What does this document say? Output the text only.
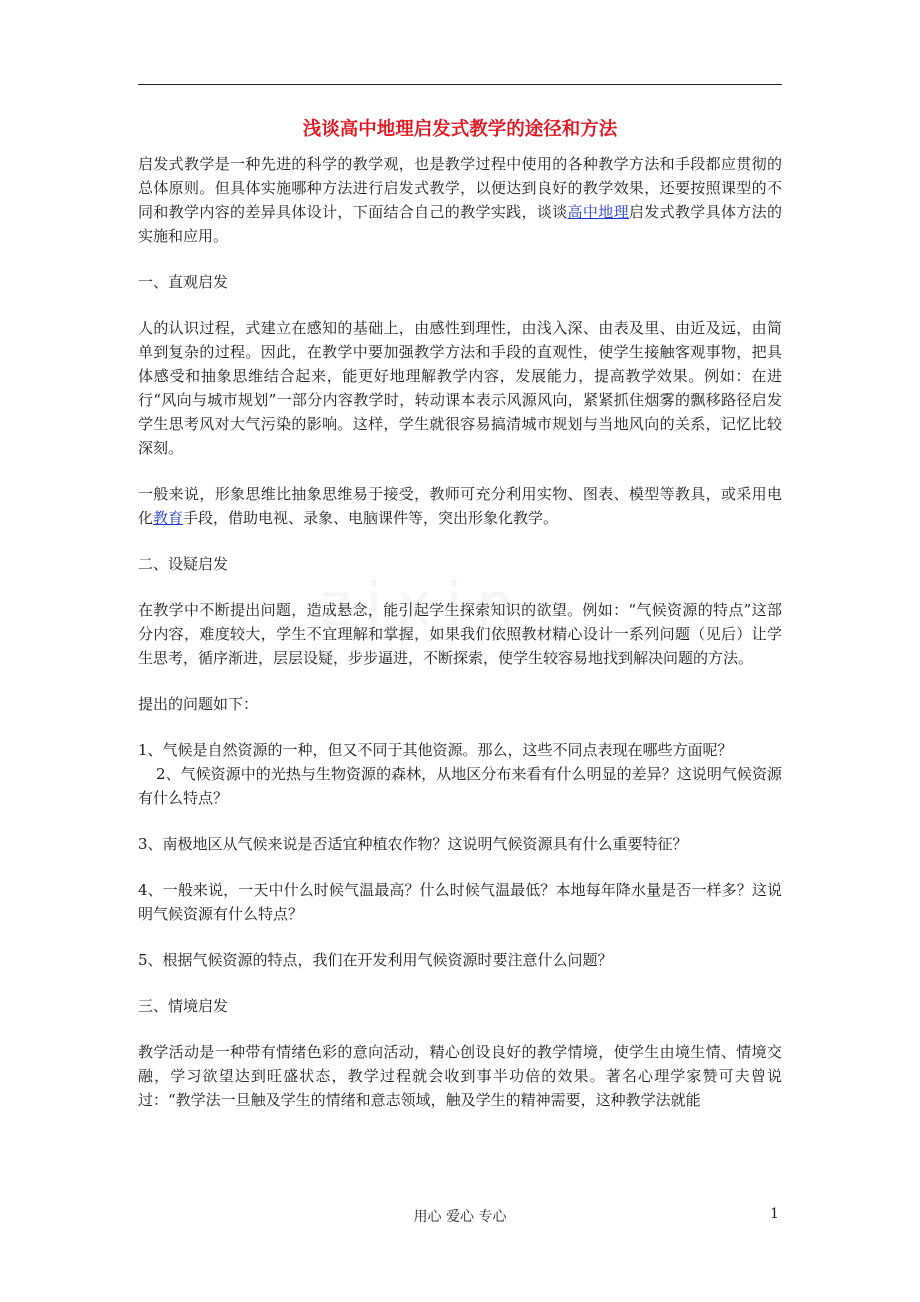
浅谈高中地理启发式教学的途径和方法

启发式教学是一种先进的科学的教学观，也是教学过程中使用的各种教学方法和手段都应贯彻的总体原则。但具体实施哪种方法进行启发式教学，以便达到良好的教学效果，还要按照课型的不同和教学内容的差异具体设计，下面结合自己的教学实践，谈谈高中地理启发式教学具体方法的实施和应用。

一、直观启发

人的认识过程，式建立在感知的基础上，由感性到理性，由浅入深、由表及里、由近及远，由简单到复杂的过程。因此，在教学中要加强教学方法和手段的直观性，使学生接触客观事物，把具体感受和抽象思维结合起来，能更好地理解教学内容，发展能力，提高教学效果。例如：在进行“风向与城市规划”一部分内容教学时，转动课本表示风源风向，紧紧抓住烟雾的飘移路径启发学生思考风对大气污染的影响。这样，学生就很容易搞清城市规划与当地风向的关系，记忆比较深刻。

一般来说，形象思维比抽象思维易于接受，教师可充分利用实物、图表、模型等教具，或采用电化教育手段，借助电视、录象、电脑课件等，突出形象化教学。

二、设疑启发

在教学中不断提出问题，造成悬念，能引起学生探索知识的欲望。例如：“气候资源的特点”这部分内容，难度较大，学生不宜理解和掌握，如果我们依照教材精心设计一系列问题（见后）让学生思考，循序渐进，层层设疑，步步逼进，不断探索，使学生较容易地找到解决问题的方法。

提出的问题如下：

1、气候是自然资源的一种，但又不同于其他资源。那么，这些不同点表现在哪些方面呢？

2、气候资源中的光热与生物资源的森林，从地区分布来看有什么明显的差异？这说明气候资源有什么特点？

3、南极地区从气候来说是否适宜种植农作物？这说明气候资源具有什么重要特征？

4、一般来说，一天中什么时候气温最高？什么时候气温最低？本地每年降水量是否一样多？这说明气候资源有什么特点？

5、根据气候资源的特点，我们在开发利用气候资源时要注意什么问题？

三、情境启发

教学活动是一种带有情绪色彩的意向活动，精心创设良好的教学情境，使学生由境生情、情境交融，学习欲望达到旺盛状态，教学过程就会收到事半功倍的效果。著名心理学家赞可夫曾说过：“教学法一旦触及学生的情绪和意志领域，触及学生的精神需要，这种教学法就能

用心 爱心 专心	1
